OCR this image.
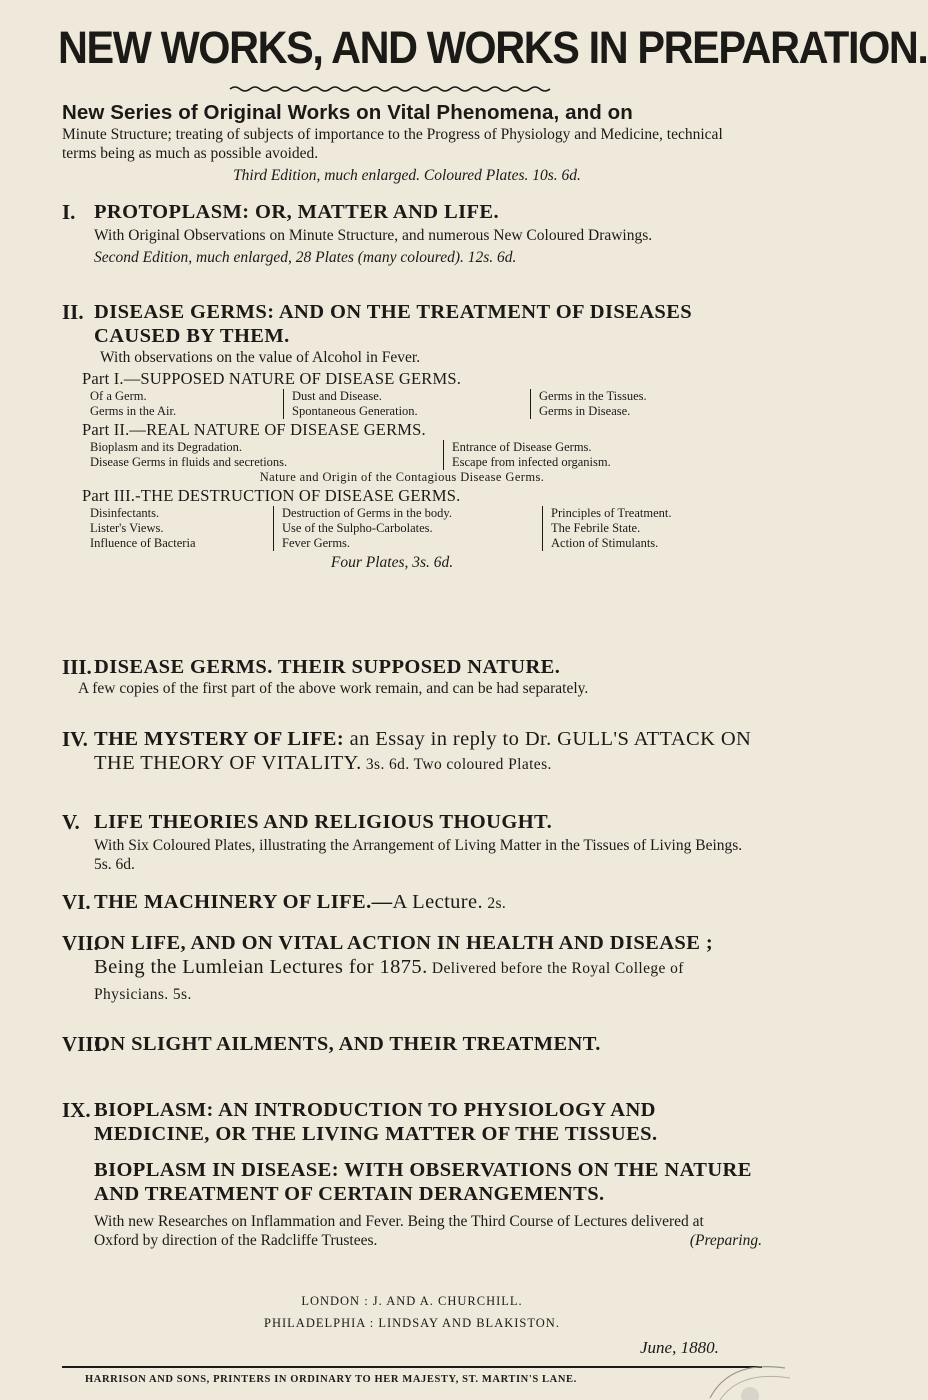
NEW WORKS, AND WORKS IN PREPARATION.
New Series of Original Works on Vital Phenomena, and on
Minute Structure; treating of subjects of importance to the Progress of Physiology and Medicine, technical terms being as much as possible avoided.
Third Edition, much enlarged. Coloured Plates. 10s. 6d.
I. PROTOPLASM: OR, MATTER AND LIFE.
With Original Observations on Minute Structure, and numerous New Coloured Drawings.
Second Edition, much enlarged, 28 Plates (many coloured). 12s. 6d.
II. DISEASE GERMS: AND ON THE TREATMENT OF DISEASES CAUSED BY THEM.
With observations on the value of Alcohol in Fever.
Part I.—SUPPOSED NATURE OF DISEASE GERMS.
Of a Germ.
Germs in the Air.
Dust and Disease.
Spontaneous Generation.
Germs in the Tissues.
Germs in Disease.
Part II.—REAL NATURE OF DISEASE GERMS.
Bioplasm and its Degradation.
Disease Germs in fluids and secretions.
Entrance of Disease Germs.
Escape from infected organism.
Nature and Origin of the Contagious Disease Germs.
Part III.-THE DESTRUCTION OF DISEASE GERMS.
Disinfectants.
Lister's Views.
Influence of Bacteria
Destruction of Germs in the body.
Use of the Sulpho-Carbolates.
Fever Germs.
Principles of Treatment.
The Febrile State.
Action of Stimulants.
Four Plates, 3s. 6d.
III. DISEASE GERMS. THEIR SUPPOSED NATURE.
A few copies of the first part of the above work remain, and can be had separately.
IV. THE MYSTERY OF LIFE: an Essay in reply to Dr. GULL'S ATTACK ON THE THEORY OF VITALITY. 3s. 6d. Two coloured Plates.
V. LIFE THEORIES AND RELIGIOUS THOUGHT.
With Six Coloured Plates, illustrating the Arrangement of Living Matter in the Tissues of Living Beings. 5s. 6d.
VI. THE MACHINERY OF LIFE.—A Lecture. 2s.
VII.
ON LIFE, AND ON VITAL ACTION IN HEALTH AND DISEASE ; Being the Lumleian Lectures for 1875. Delivered before the Royal College of Physicians. 5s.
VIII.
ON SLIGHT AILMENTS, AND THEIR TREATMENT.
IX. BIOPLASM: AN INTRODUCTION TO PHYSIOLOGY AND MEDICINE, OR THE LIVING MATTER OF THE TISSUES.
BIOPLASM IN DISEASE: WITH OBSERVATIONS ON THE NATURE AND TREATMENT OF CERTAIN DERANGEMENTS.
With new Researches on Inflammation and Fever. Being the Third Course of Lectures delivered at Oxford by direction of the Radcliffe Trustees.	(Preparing.
LONDON : J. AND A. CHURCHILL.
PHILADELPHIA : LINDSAY AND BLAKISTON.
June, 1880.
HARRISON AND SONS, PRINTERS IN ORDINARY TO HER MAJESTY, ST. MARTIN'S LANE.
